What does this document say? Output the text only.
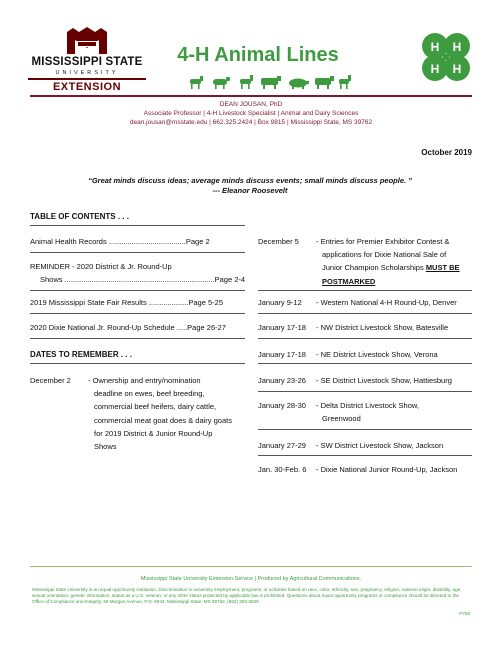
MISSISSIPPI STATE
UNIVERSITY
EXTENSION
4-H Animal Lines	H H
H H
DEAN JOUSAN, PhD
Associate Professor | 4-H Livestock Specialist | Animal and Dairy Sciences
dean.jousan@msstate.edu | 662.325.2424 | Box 9815 | Mississippi State, MS 39762
October 2019
“Great minds discuss ideas; average minds discuss events; small minds discuss people. ”
--- Eleanor Roosevelt
TABLE OF CONTENTS . . .
Animal Health Records .....................................Page 2
REMINDER - 2020 District & Jr. Round-Up
Shows ........................................................................Page 2-4
2019 Mississippi State Fair Results ...................Page 5-25
2020 Dixie National Jr. Round-Up Schedule .....Page 26-27
DATES TO REMEMBER . . .
December 2 - Ownership and entry/nomination
deadline on ewes, beef breeding,
commercial beef heifers, dairy cattle,
commercial meat goat does & dairy goats
for 2019 District & Junior Round-Up
Shows
December 5 - Entries for Premier Exhibitor Contest &
applications for Dixie National Sale of
Junior Champion Scholarships MUST BE
POSTMARKED
January 9-12 - Western National 4-H Round-Up, Denver
January 17-18 - NW District Livestock Show, Batesville
January 17-18 - NE District Livestock Show, Verona
January 23-26 - SE District Livestock Show, Hattiesburg
January 28-30 - Delta District Livestock Show,
Greenwood
January 27-29 - SW District Livestock Show, Jackson
Jan. 30-Feb. 6 - Dixie National Junior Round-Up, Jackson
Mississippi State University Extension Service | Produced by Agricultural Communications.
Mississippi State University is an equal opportunity institution. Discrimination in university employment, programs, or activities based on race, color, ethnicity, sex, pregnancy, religion, national origin, disability, age, sexual orientation, genetic information, status as a U.S. veteran, or any other status protected by applicable law is prohibited. Questions about equal opportunity programs or compliance should be directed to the Office of Compliance and Integrity, 56 Morgan Avenue, P.O. 6044, Mississippi State, MS 39762, (662) 325-5839.
P758
